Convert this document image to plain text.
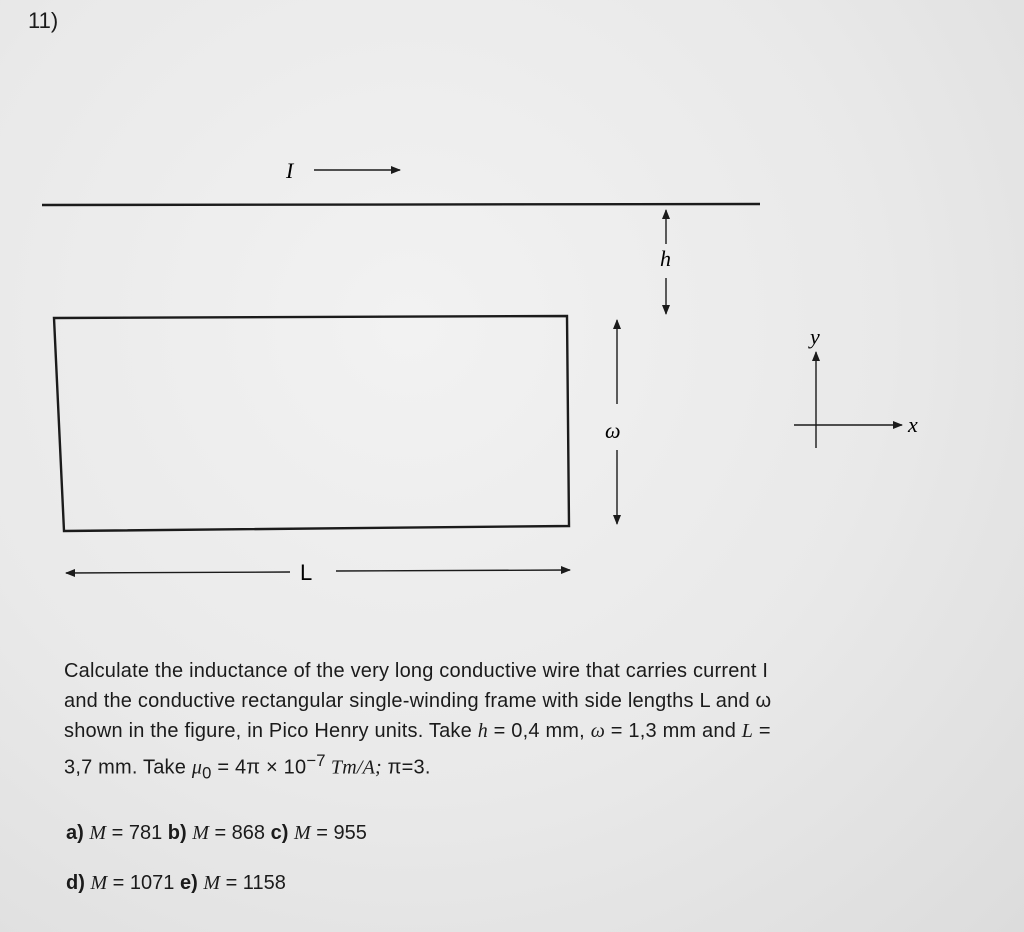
11)
I
h
ω
y
x
L
Calculate the inductance of the very long conductive wire that carries current I
and the conductive rectangular single-winding frame with side lengths L and ω
shown in the figure, in Pico Henry units. Take h = 0,4 mm, ω = 1,3 mm and L =
3,7 mm. Take $\mu_0 = 4\pi \times 10^{-7}$ Tm/A; π=3.
a) M = 781 b) M = 868 c) M = 955
d) M = 1071 e) M = 1158
